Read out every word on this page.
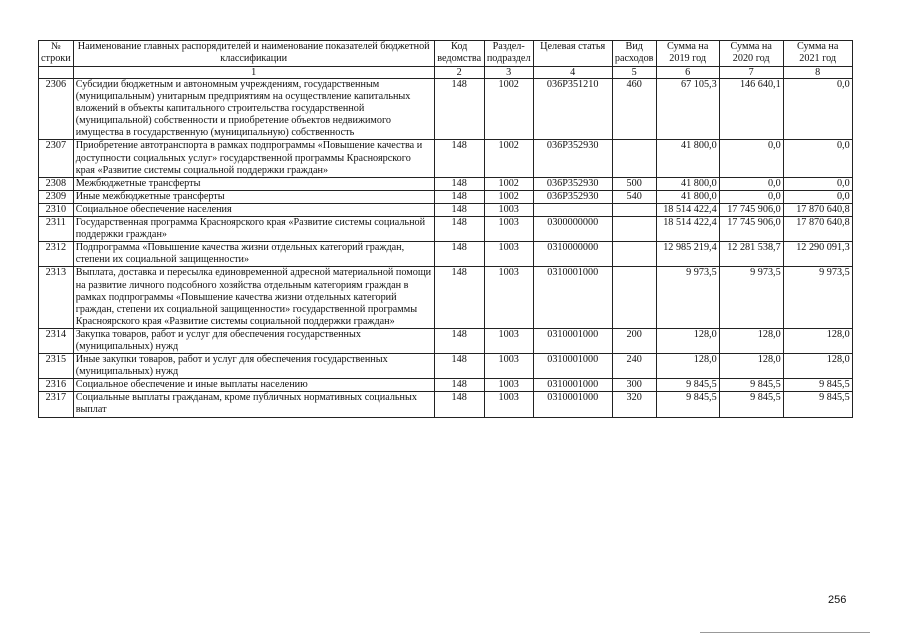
№ строки	Наименование главных распорядителей и наименование показателей бюджетной классификации	Код ведомства	Раздел- подраздел	Целевая статья	Вид расходов	Сумма на 2019 год	Сумма на 2020 год	Сумма на 2021 год
	1	2	3	4	5	6	7	8
2306	Субсидии бюджетным и автономным учреждениям, государственным (муниципальным) унитарным предприятиям на осуществление капитальных вложений в объекты капитального строительства государственной (муниципальной) собственности и приобретение объектов недвижимого имущества в государственную (муниципальную) собственность	148	1002	036P351210	460	67 105,3	146 640,1	0,0
2307	Приобретение автотранспорта в рамках подпрограммы «Повышение качества и доступности социальных услуг» государственной программы Красноярского края «Развитие системы социальной поддержки граждан»	148	1002	036P352930		41 800,0	0,0	0,0
2308	Межбюджетные трансферты	148	1002	036P352930	500	41 800,0	0,0	0,0
2309	Иные межбюджетные трансферты	148	1002	036P352930	540	41 800,0	0,0	0,0
2310	Социальное обеспечение населения	148	1003			18 514 422,4	17 745 906,0	17 870 640,8
2311	Государственная программа Красноярского края «Развитие системы социальной поддержки граждан»	148	1003	0300000000		18 514 422,4	17 745 906,0	17 870 640,8
2312	Подпрограмма «Повышение качества жизни отдельных категорий граждан, степени их социальной защищенности»	148	1003	0310000000		12 985 219,4	12 281 538,7	12 290 091,3
2313	Выплата, доставка и пересылка единовременной адресной материальной помощи на развитие личного подсобного хозяйства отдельным категориям граждан в рамках подпрограммы «Повышение качества жизни отдельных категорий граждан, степени их социальной защищенности» государственной программы Красноярского края «Развитие системы социальной поддержки граждан»	148	1003	0310001000		9 973,5	9 973,5	9 973,5
2314	Закупка товаров, работ и услуг для обеспечения государственных (муниципальных) нужд	148	1003	0310001000	200	128,0	128,0	128,0
2315	Иные закупки товаров, работ и услуг для обеспечения государственных (муниципальных) нужд	148	1003	0310001000	240	128,0	128,0	128,0
2316	Социальное обеспечение и иные выплаты населению	148	1003	0310001000	300	9 845,5	9 845,5	9 845,5
2317	Социальные выплаты гражданам, кроме публичных нормативных социальных выплат	148	1003	0310001000	320	9 845,5	9 845,5	9 845,5
256
